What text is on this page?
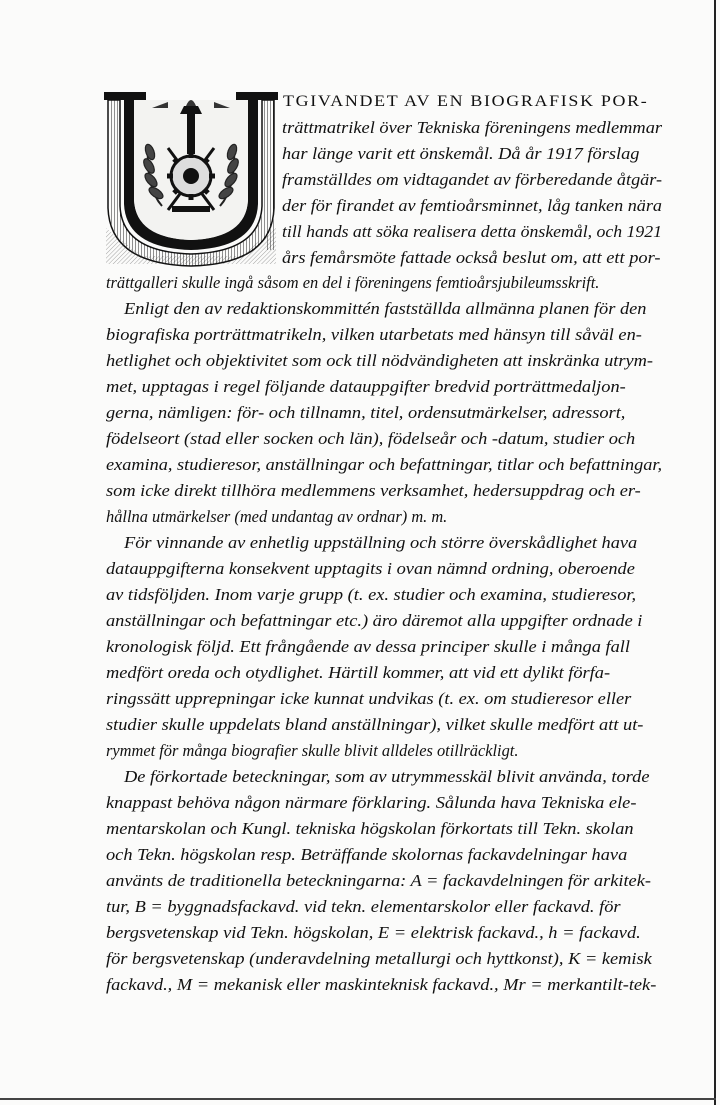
TGIVANDET AV EN BIOGRAFISK POR-
trättmatrikel över Tekniska föreningens medlemmar
har länge varit ett önskemål. Då år 1917 förslag
framställdes om vidtagandet av förberedande åtgär-
der för firandet av femtioårsminnet, låg tanken nära
till hands att söka realisera detta önskemål, och 1921
års femårsmöte fattade också beslut om, att ett por-
trättgalleri skulle ingå såsom en del i föreningens femtioårsjubileumsskrift.
Enligt den av redaktionskommittén fastställda allmänna planen för den
biografiska porträttmatrikeln, vilken utarbetats med hänsyn till såväl en-
hetlighet och objektivitet som ock till nödvändigheten att inskränka utrym-
met, upptagas i regel följande datauppgifter bredvid porträttmedaljon-
gerna, nämligen: för- och tillnamn, titel, ordensutmärkelser, adressort,
födelseort (stad eller socken och län), födelseår och -datum, studier och
examina, studieresor, anställningar och befattningar, titlar och befattningar,
som icke direkt tillhöra medlemmens verksamhet, hedersuppdrag och er-
hållna utmärkelser (med undantag av ordnar) m. m.
För vinnande av enhetlig uppställning och större överskådlighet hava
datauppgifterna konsekvent upptagits i ovan nämnd ordning, oberoende
av tidsföljden. Inom varje grupp (t. ex. studier och examina, studieresor,
anställningar och befattningar etc.) äro däremot alla uppgifter ordnade i
kronologisk följd. Ett frångående av dessa principer skulle i många fall
medfört oreda och otydlighet. Härtill kommer, att vid ett dylikt förfa-
ringssätt upprepningar icke kunnat undvikas (t. ex. om studieresor eller
studier skulle uppdelats bland anställningar), vilket skulle medfört att ut-
rymmet för många biografier skulle blivit alldeles otillräckligt.
De förkortade beteckningar, som av utrymmesskäl blivit använda, torde
knappast behöva någon närmare förklaring. Sålunda hava Tekniska ele-
mentarskolan och Kungl. tekniska högskolan förkortats till Tekn. skolan
och Tekn. högskolan resp. Beträffande skolornas fackavdelningar hava
använts de traditionella beteckningarna: A = fackavdelningen för arkitek-
tur, B = byggnadsfackavd. vid tekn. elementarskolor eller fackavd. för
bergsvetenskap vid Tekn. högskolan, E = elektrisk fackavd., h = fackavd.
för bergsvetenskap (underavdelning metallurgi och hyttkonst), K = kemisk
fackavd., M = mekanisk eller maskinteknisk fackavd., Mr = merkantilt-tek-
